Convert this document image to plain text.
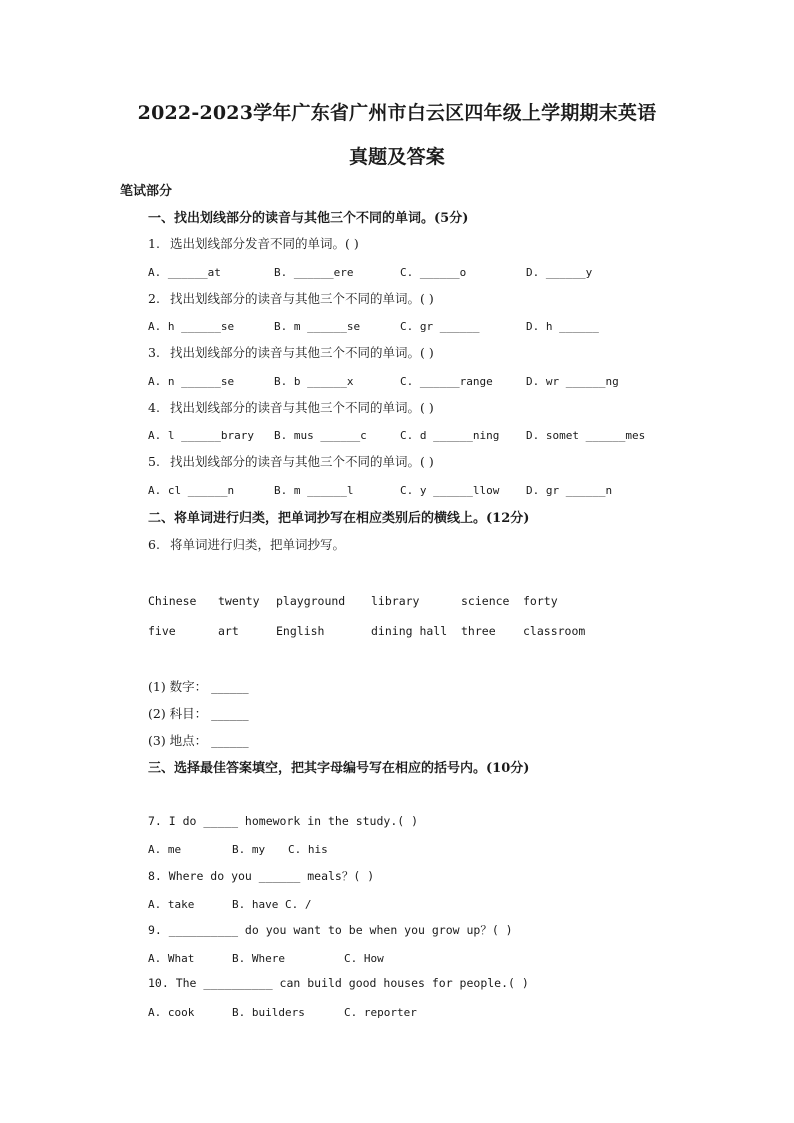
2022-2023学年广东省广州市白云区四年级上学期期末英语
真题及答案
笔试部分
一、找出划线部分的读音与其他三个不同的单词。(5分)
1. 选出划线部分发音不同的单词。( )
A. ______at	B. ______ere	C. ______o	D. ______y
2. 找出划线部分的读音与其他三个不同的单词。( )
A. h ______se	B. m ______se	C. gr ______	D. h ______
3. 找出划线部分的读音与其他三个不同的单词。( )
A. n ______se	B. b ______x	C. ______range	D. wr ______ng
4. 找出划线部分的读音与其他三个不同的单词。( )
A. l ______brary B. mus ______c	C. d ______ning D. somet ______mes
5. 找出划线部分的读音与其他三个不同的单词。( )
A. cl ______n	B. m ______l	C. y ______llow D. gr ______n
二、将单词进行归类，把单词抄写在相应类别后的横线上。(12分)
6. 将单词进行归类，把单词抄写。
Chinese twenty playground library	science forty
five	art	English	dining hall three classroom
(1) 数字： ______
(2) 科目： ______
(3) 地点： ______
三、选择最佳答案填空，把其字母编号写在相应的括号内。(10分)
7. I do _____ homework in the study.( )
A. me	B. my C. his
8. Where do you ______ meals？( )
A. take	B. have C. /
9. __________ do you want to be when you grow up？( )
A. What	B. Where	C. How
10. The __________ can build good houses for people.( )
A. cook	B. builders	C. reporter
